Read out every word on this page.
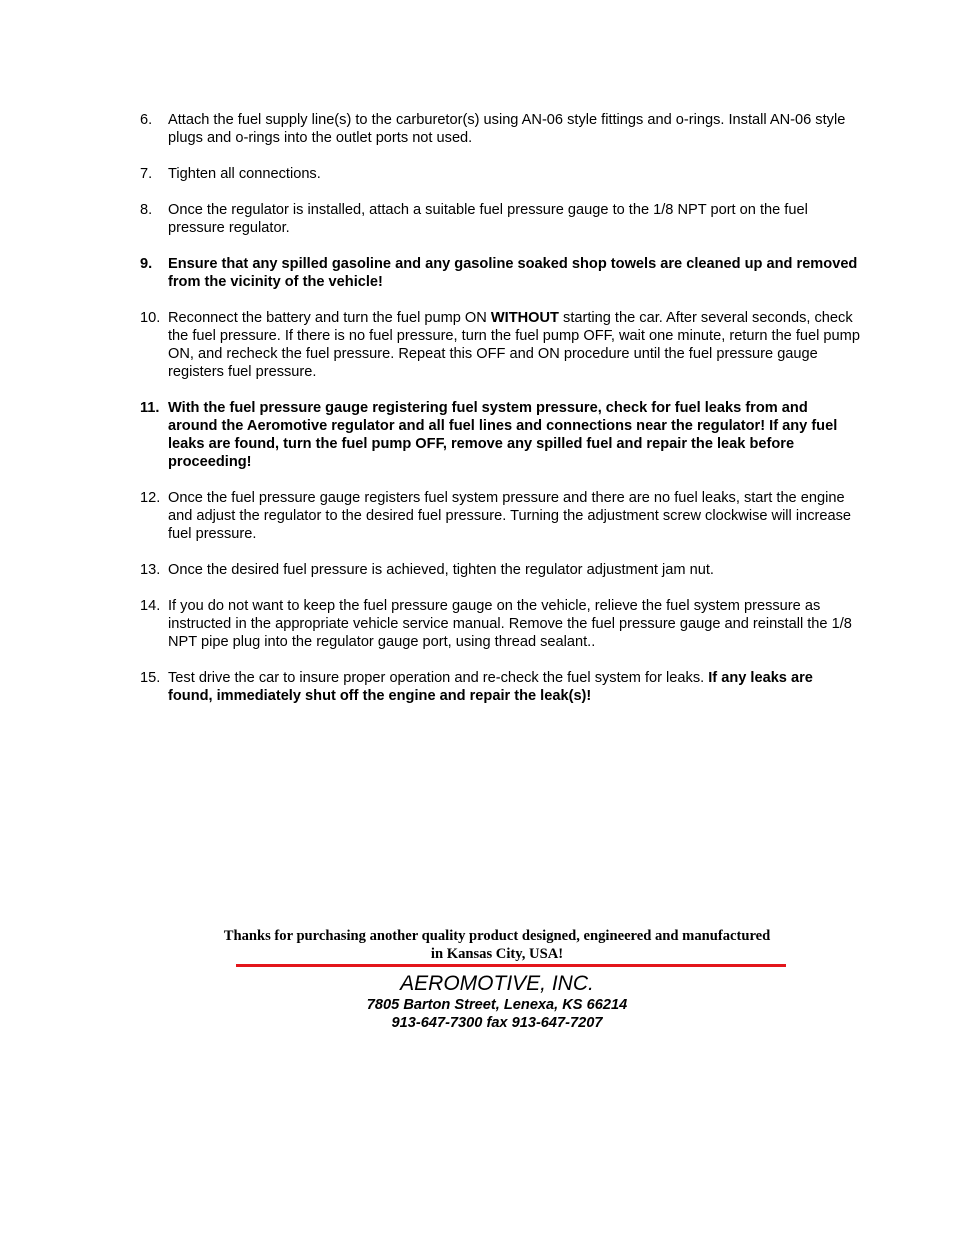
6.	Attach the fuel supply line(s) to the carburetor(s) using AN-06 style fittings and o-rings. Install AN-06 style plugs and o-rings into the outlet ports not used.
7.	Tighten all connections.
8.	Once the regulator is installed, attach a suitable fuel pressure gauge to the 1/8 NPT port on the fuel pressure regulator.
9.	Ensure that any spilled gasoline and any gasoline soaked shop towels are cleaned up and removed from the vicinity of the vehicle!
10. Reconnect the battery and turn the fuel pump ON WITHOUT starting the car. After several seconds, check the fuel pressure. If there is no fuel pressure, turn the fuel pump OFF, wait one minute, return the fuel pump ON, and recheck the fuel pressure. Repeat this OFF and ON procedure until the fuel pressure gauge registers fuel pressure.
11. With the fuel pressure gauge registering fuel system pressure, check for fuel leaks from and around the Aeromotive regulator and all fuel lines and connections near the regulator! If any fuel leaks are found, turn the fuel pump OFF, remove any spilled fuel and repair the leak before proceeding!
12. Once the fuel pressure gauge registers fuel system pressure and there are no fuel leaks, start the engine and adjust the regulator to the desired fuel pressure. Turning the adjustment screw clockwise will increase fuel pressure.
13. Once the desired fuel pressure is achieved, tighten the regulator adjustment jam nut.
14. If you do not want to keep the fuel pressure gauge on the vehicle, relieve the fuel system pressure as instructed in the appropriate vehicle service manual. Remove the fuel pressure gauge and reinstall the 1/8 NPT pipe plug into the regulator gauge port, using thread sealant..
15. Test drive the car to insure proper operation and re-check the fuel system for leaks. If any leaks are found, immediately shut off the engine and repair the leak(s)!
Thanks for purchasing another quality product designed, engineered and manufactured
in Kansas City, USA!
AEROMOTIVE, INC.
7805 Barton Street, Lenexa, KS 66214
913-647-7300 fax 913-647-7207
